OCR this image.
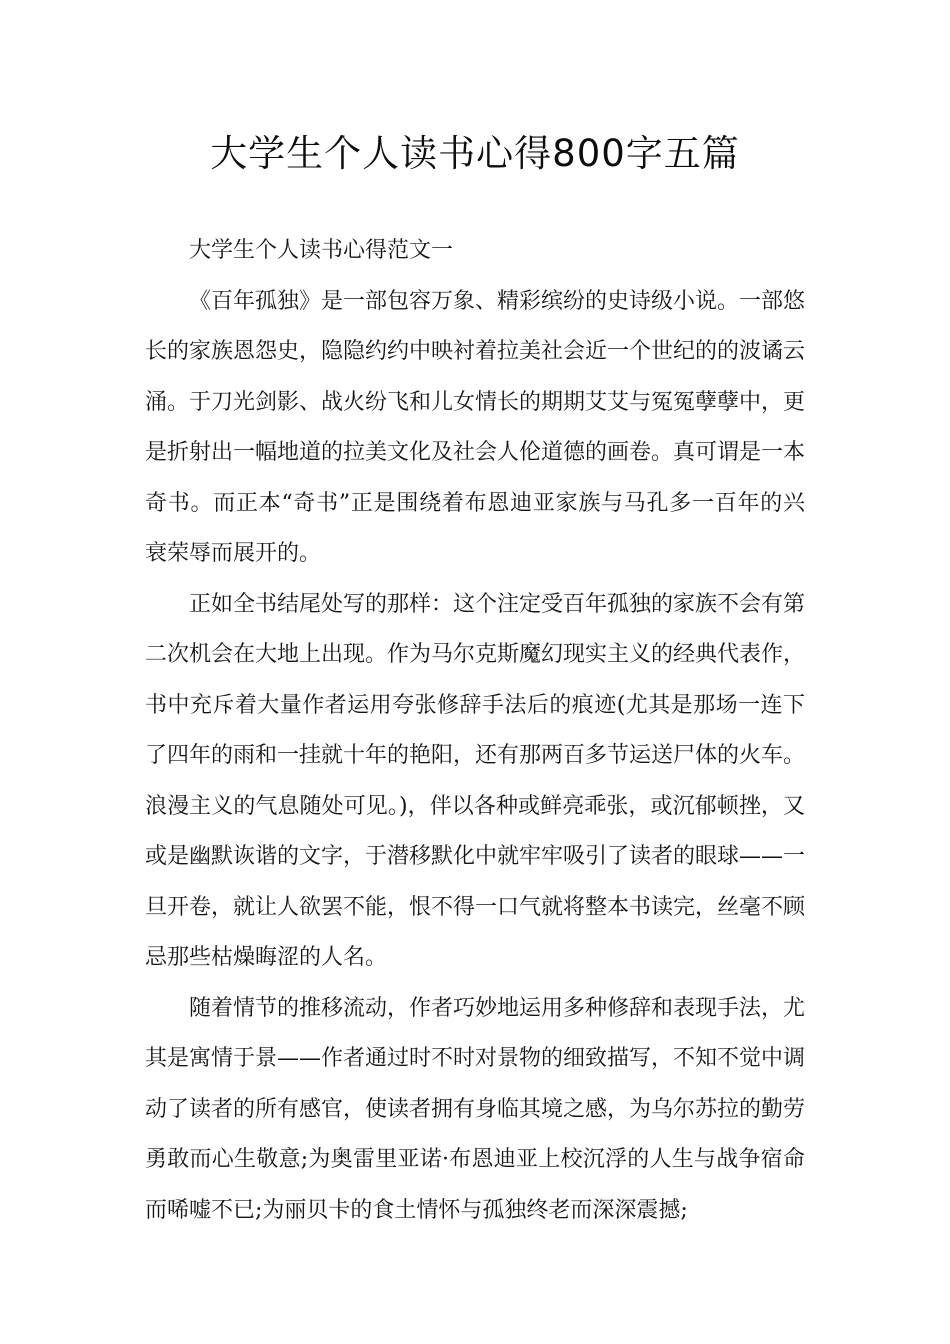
大学生个人读书心得800字五篇

大学生个人读书心得范文一

《百年孤独》是一部包容万象、精彩缤纷的史诗级小说。一部悠长的家族恩怨史，隐隐约约中映衬着拉美社会近一个世纪的的波谲云涌。于刀光剑影、战火纷飞和儿女情长的期期艾艾与冤冤孽孽中，更是折射出一幅地道的拉美文化及社会人伦道德的画卷。真可谓是一本奇书。而正本“奇书”正是围绕着布恩迪亚家族与马孔多一百年的兴衰荣辱而展开的。

正如全书结尾处写的那样：这个注定受百年孤独的家族不会有第二次机会在大地上出现。作为马尔克斯魔幻现实主义的经典代表作，书中充斥着大量作者运用夸张修辞手法后的痕迹(尤其是那场一连下了四年的雨和一挂就十年的艳阳，还有那两百多节运送尸体的火车。浪漫主义的气息随处可见。)，伴以各种或鲜亮乖张，或沉郁顿挫，又或是幽默诙谐的文字，于潜移默化中就牢牢吸引了读者的眼球——一旦开卷，就让人欲罢不能，恨不得一口气就将整本书读完，丝毫不顾忌那些枯燥晦涩的人名。

随着情节的推移流动，作者巧妙地运用多种修辞和表现手法，尤其是寓情于景——作者通过时不时对景物的细致描写，不知不觉中调动了读者的所有感官，使读者拥有身临其境之感，为乌尔苏拉的勤劳勇敢而心生敬意;为奥雷里亚诺·布恩迪亚上校沉浮的人生与战争宿命而唏嘘不已;为丽贝卡的食土情怀与孤独终老而深深震撼;
